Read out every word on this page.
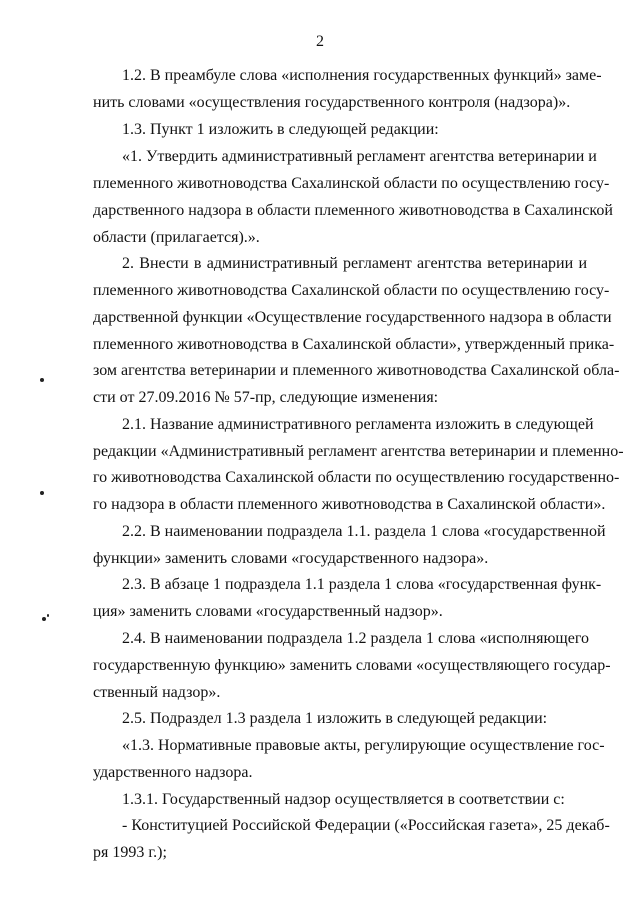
2
1.2. В преамбуле слова «исполнения государственных функций» заме-
нить словами «осуществления государственного контроля (надзора)».
1.3. Пункт 1 изложить в следующей редакции:
«1. Утвердить административный регламент агентства ветеринарии и
племенного животноводства Сахалинской области по осуществлению госу-
дарственного надзора в области племенного животноводства в Сахалинской
области (прилагается).».
2. Внести в административный регламент агентства ветеринарии и
племенного животноводства Сахалинской области по осуществлению госу-
дарственной функции «Осуществление государственного надзора в области
племенного животноводства в Сахалинской области», утвержденный прика-
зом агентства ветеринарии и племенного животноводства Сахалинской обла-
сти от 27.09.2016 № 57-пр, следующие изменения:
2.1. Название административного регламента изложить в следующей
редакции «Административный регламент агентства ветеринарии и племенно-
го животноводства Сахалинской области по осуществлению государственно-
го надзора в области племенного животноводства в Сахалинской области».
2.2. В наименовании подраздела 1.1. раздела 1 слова «государственной
функции» заменить словами «государственного надзора».
2.3. В абзаце 1 подраздела 1.1 раздела 1 слова «государственная функ-
ция» заменить словами «государственный надзор».
2.4. В наименовании подраздела 1.2 раздела 1 слова «исполняющего
государственную функцию» заменить словами «осуществляющего государ-
ственный надзор».
2.5. Подраздел 1.3 раздела 1 изложить в следующей редакции:
«1.3. Нормативные правовые акты, регулирующие осуществление гос-
ударственного надзора.
1.3.1. Государственный надзор осуществляется в соответствии с:
- Конституцией Российской Федерации («Российская газета», 25 декаб-
ря 1993 г.);
